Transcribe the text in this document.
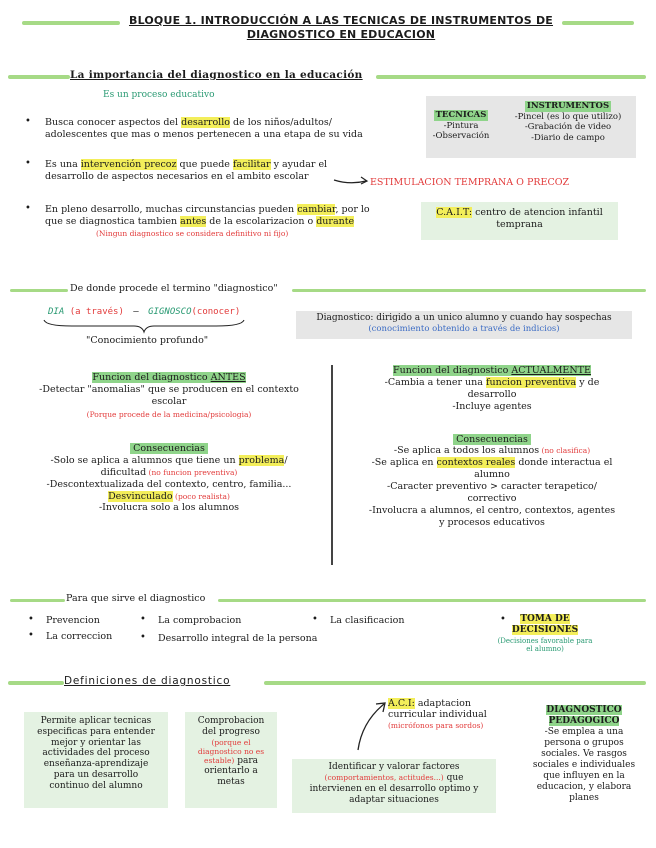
BLOQUE 1. INTRODUCCIÓN A LAS TECNICAS DE INSTRUMENTOS DE
DIAGNOSTICO EN EDUCACION
La importancia del diagnostico en la educación
Es un proceso educativo
• Busca conocer aspectos del desarrollo de los niños/adultos/
adolescentes que mas o menos pertenecen a una etapa de su vida
• Es una intervención precoz que puede facilitar y ayudar el
desarrollo de aspectos necesarios en el ambito escolar
ESTIMULACION TEMPRANA O PRECOZ
• En pleno desarrollo, muchas circunstancias pueden cambiar, por lo
que se diagnostica tambien antes de la escolarizacion o durante
(Ningun diagnostico se considera definitivo ni fijo)
TECNICAS
-Pintura
-Observación
INSTRUMENTOS
-Pincel (es lo que utilizo)
-Grabación de video
-Diario de campo
C.A.I.T: centro de atencion infantil
temprana
De donde procede el termino "diagnostico"
DIA (a través) — GIGNOSCO(conocer)
"Conocimiento profundo"
Diagnostico: dirigido a un unico alumno y cuando hay sospechas
(conocimiento obtenido a través de indicios)
Funcion del diagnostico ANTES
-Detectar "anomalias" que se producen en el contexto
escolar
(Porque procede de la medicina/psicologia)
Consecuencias
-Solo se aplica a alumnos que tiene un problema/
dificultad (no funcion preventiva)
-Descontextualizada del contexto, centro, familia...
Desvinculado (poco realista)
-Involucra solo a los alumnos
Funcion del diagnostico ACTUALMENTE
-Cambia a tener una funcion preventiva y de
desarrollo
-Incluye agentes
Consecuencias
-Se aplica a todos los alumnos (no clasifica)
-Se aplica en contextos reales donde interactua el
alumno
-Caracter preventivo > caracter terapetico/
correctivo
-Involucra a alumnos, el centro, contextos, agentes
y procesos educativos
Para que sirve el diagnostico
• Prevencion	• La comprobacion	• La clasificacion
• La correccion	• Desarrollo integral de la persona
•	TOMA DE
DECISIONES
(Decisiones favorable para
el alumno)
Definiciones de diagnostico
Permite aplicar tecnicas
especificas para entender
mejor y orientar las
actividades del proceso
enseñanza-aprendizaje
para un desarrollo
continuo del alumno
Comprobacion
del progreso
(porque el
diagnostico no es
estable) para
orientarlo a
metas
Identificar y valorar factores
(comportamientos, actitudes...) que
intervienen en el desarrollo optimo y
adaptar situaciones
A.C.I: adaptacion
curricular individual
(micrófonos para sordos)
DIAGNOSTICO
PEDAGOGICO
-Se emplea a una
persona o grupos
sociales. Ve rasgos
sociales e individuales
que influyen en la
educacion, y elabora
planes
